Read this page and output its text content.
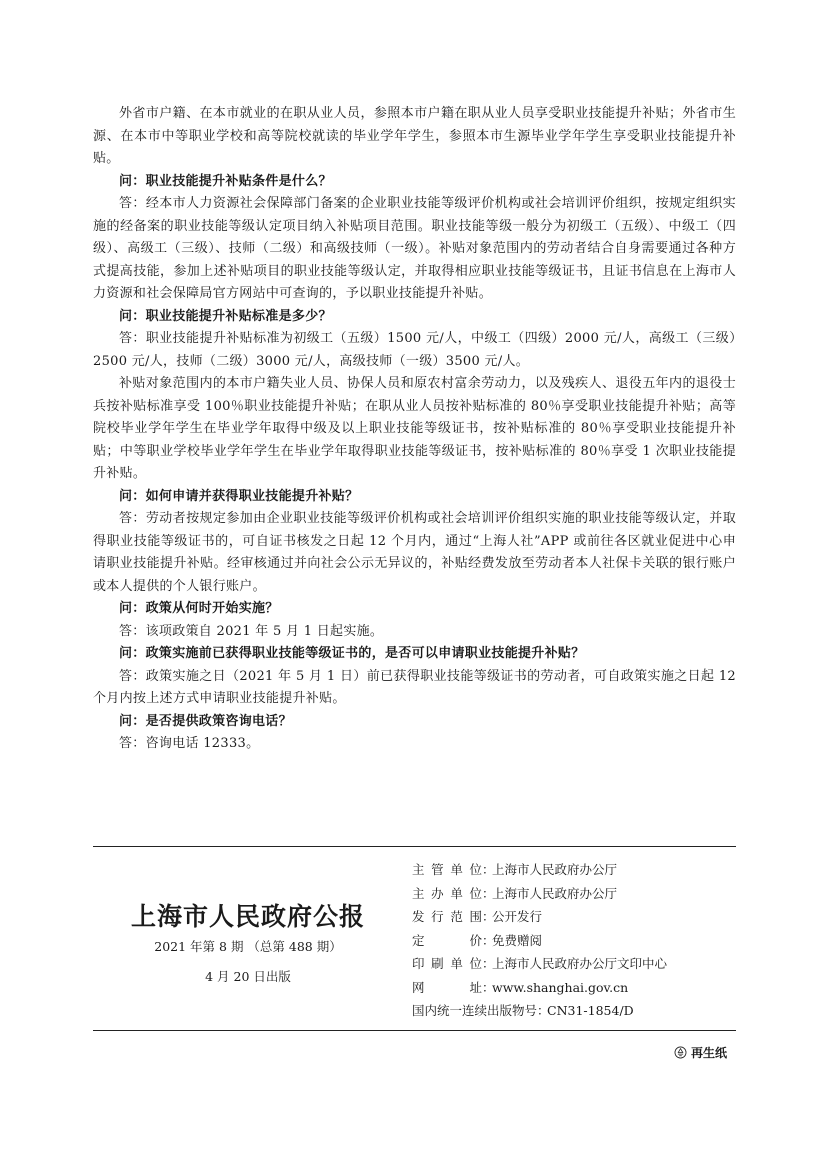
外省市户籍、在本市就业的在职从业人员，参照本市户籍在职从业人员享受职业技能提升补贴；外省市生源、在本市中等职业学校和高等院校就读的毕业学年学生，参照本市生源毕业学年学生享受职业技能提升补贴。

问：职业技能提升补贴条件是什么？

答：经本市人力资源社会保障部门备案的企业职业技能等级评价机构或社会培训评价组织，按规定组织实施的经备案的职业技能等级认定项目纳入补贴项目范围。职业技能等级一般分为初级工（五级）、中级工（四级）、高级工（三级）、技师（二级）和高级技师（一级）。补贴对象范围内的劳动者结合自身需要通过各种方式提高技能，参加上述补贴项目的职业技能等级认定，并取得相应职业技能等级证书，且证书信息在上海市人力资源和社会保障局官方网站中可查询的，予以职业技能提升补贴。

问：职业技能提升补贴标准是多少？

答：职业技能提升补贴标准为初级工（五级）1500 元/人，中级工（四级）2000 元/人，高级工（三级）2500 元/人，技师（二级）3000 元/人，高级技师（一级）3500 元/人。

补贴对象范围内的本市户籍失业人员、协保人员和原农村富余劳动力，以及残疾人、退役五年内的退役士兵按补贴标准享受 100％职业技能提升补贴；在职从业人员按补贴标准的 80％享受职业技能提升补贴；高等院校毕业学年学生在毕业学年取得中级及以上职业技能等级证书，按补贴标准的 80％享受职业技能提升补贴；中等职业学校毕业学年学生在毕业学年取得职业技能等级证书，按补贴标准的 80％享受 1 次职业技能提升补贴。

问：如何申请并获得职业技能提升补贴？

答：劳动者按规定参加由企业职业技能等级评价机构或社会培训评价组织实施的职业技能等级认定，并取得职业技能等级证书的，可自证书核发之日起 12 个月内，通过“上海人社”APP 或前往各区就业促进中心申请职业技能提升补贴。经审核通过并向社会公示无异议的，补贴经费发放至劳动者本人社保卡关联的银行账户或本人提供的个人银行账户。

问：政策从何时开始实施？

答：该项政策自 2021 年 5 月 1 日起实施。

问：政策实施前已获得职业技能等级证书的，是否可以申请职业技能提升补贴？

答：政策实施之日（2021 年 5 月 1 日）前已获得职业技能等级证书的劳动者，可自政策实施之日起 12 个月内按上述方式申请职业技能提升补贴。

问：是否提供政策咨询电话？

答：咨询电话 12333。

上海市人民政府公报
2021 年第 8 期 （总第 488 期）
4 月 20 日出版
主管单位：上海市人民政府办公厅
主办单位：上海市人民政府办公厅
发行范围：公开发行
定　　价：免费赠阅
印刷单位：上海市人民政府办公厅文印中心
网　　址：www.shanghai.gov.cn
国内统一连续出版物号：CN31-1854/D
再生纸
